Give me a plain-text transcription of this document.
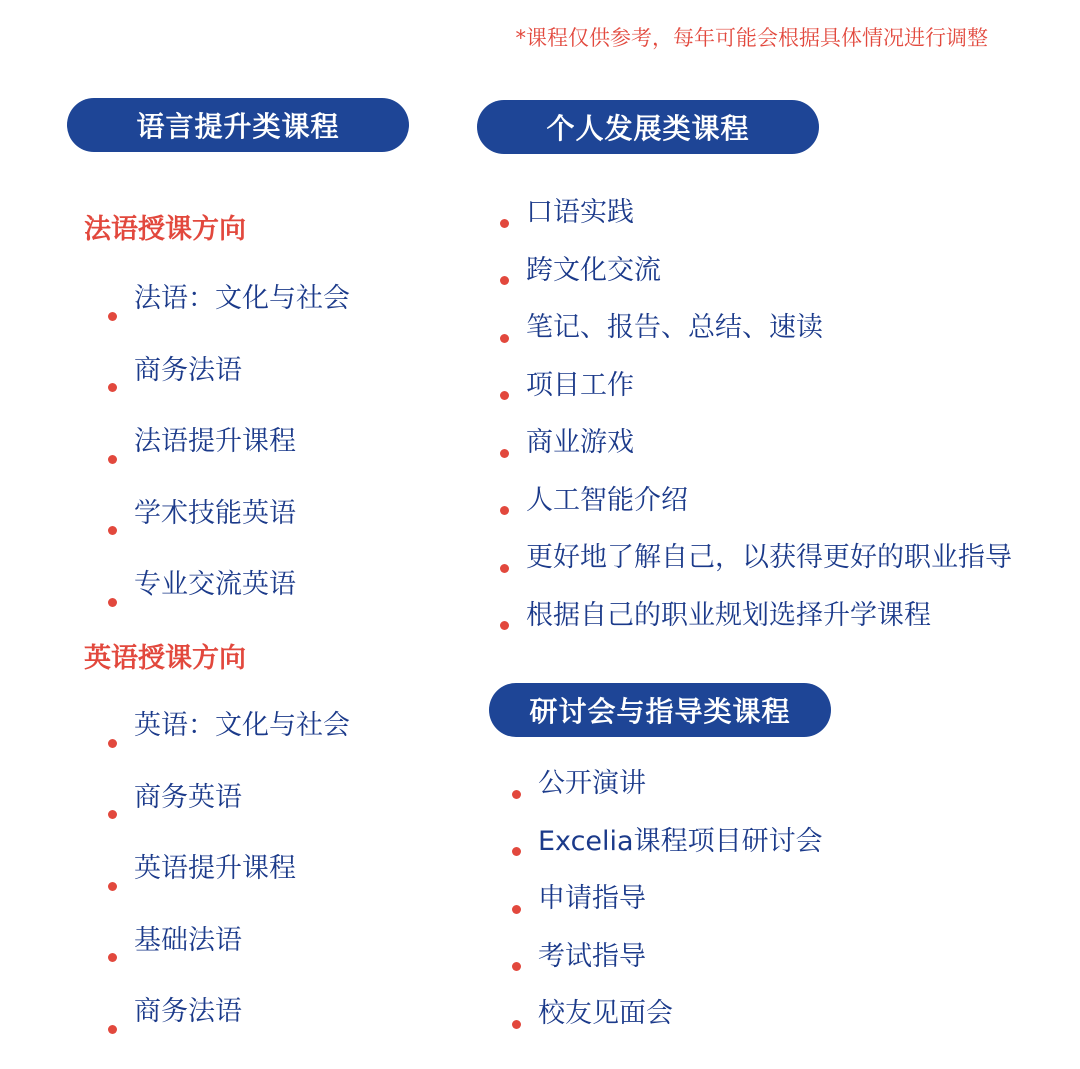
*课程仅供参考，每年可能会根据具体情况进行调整
语言提升类课程	个人发展类课程
研讨会与指导类课程
法语授课方向
法语：文化与社会
商务法语
法语提升课程
学术技能英语
专业交流英语
英语授课方向
英语：文化与社会
商务英语
英语提升课程
基础法语
商务法语
口语实践
跨文化交流
笔记、报告、总结、速读
项目工作
商业游戏
人工智能介绍
更好地了解自己，以获得更好的职业指导
根据自己的职业规划选择升学课程
公开演讲
Excelia课程项目研讨会
申请指导
考试指导
校友见面会
